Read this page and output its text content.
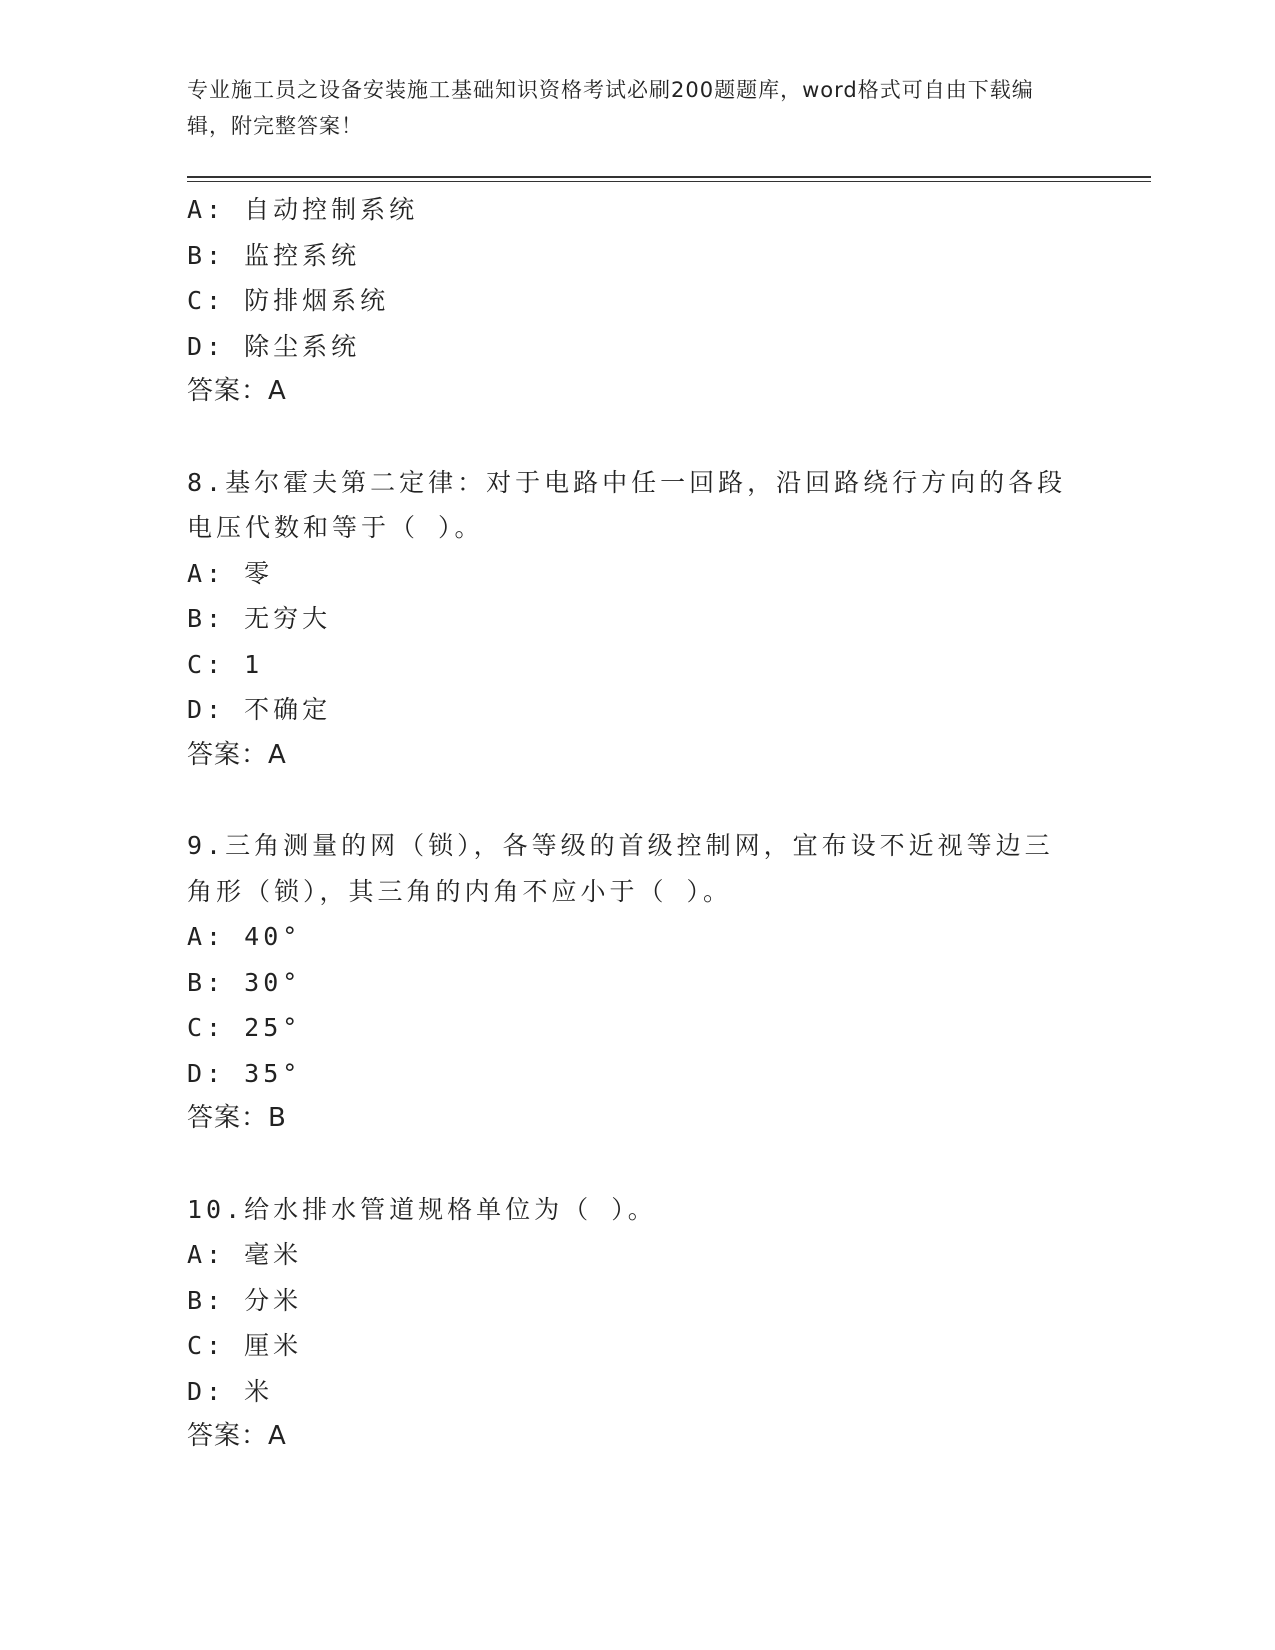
专业施工员之设备安装施工基础知识资格考试必刷200题题库，word格式可自由下载编辑，附完整答案！
A: 自动控制系统
B: 监控系统
C: 防排烟系统
D: 除尘系统
答案：A
8.基尔霍夫第二定律：对于电路中任一回路，沿回路绕行方向的各段电压代数和等于（ ）。
A: 零
B: 无穷大
C: 1
D: 不确定
答案：A
9.三角测量的网（锁），各等级的首级控制网，宜布设不近视等边三角形（锁），其三角的内角不应小于（ ）。
A: 40°
B: 30°
C: 25°
D: 35°
答案：B
10.给水排水管道规格单位为（ ）。
A: 毫米
B: 分米
C: 厘米
D: 米
答案：A
